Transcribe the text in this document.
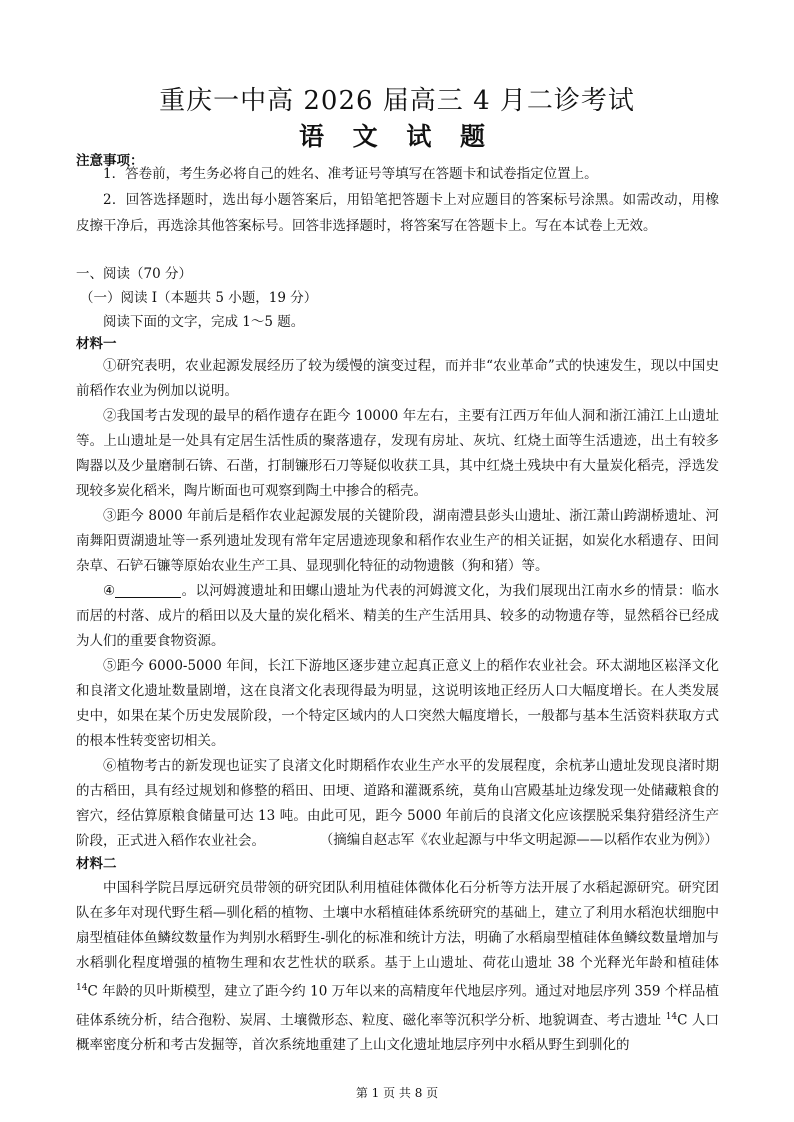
重庆一中高 2026 届高三 4 月二诊考试
语 文 试 题
注意事项：

1．答卷前，考生务必将自己的姓名、准考证号等填写在答题卡和试卷指定位置上。

2．回答选择题时，选出每小题答案后，用铅笔把答题卡上对应题目的答案标号涂黑。如需改动，用橡皮擦干净后，再选涂其他答案标号。回答非选择题时，将答案写在答题卡上。写在本试卷上无效。

一、阅读（70 分）
（一）阅读 I（本题共 5 小题，19 分）
阅读下面的文字，完成 1～5 题。
材料一

①研究表明，农业起源发展经历了较为缓慢的演变过程，而并非“农业革命”式的快速发生，现以中国史前稻作农业为例加以说明。

②我国考古发现的最早的稻作遗存在距今 10000 年左右，主要有江西万年仙人洞和浙江浦江上山遗址等。上山遗址是一处具有定居生活性质的聚落遗存，发现有房址、灰坑、红烧土面等生活遗迹，出土有较多陶器以及少量磨制石锛、石凿，打制镰形石刀等疑似收获工具，其中红烧土残块中有大量炭化稻壳，浮选发现较多炭化稻米，陶片断面也可观察到陶土中掺合的稻壳。

③距今 8000 年前后是稻作农业起源发展的关键阶段，湖南澧县彭头山遗址、浙江萧山跨湖桥遗址、河南舞阳贾湖遗址等一系列遗址发现有常年定居遗迹现象和稻作农业生产的相关证据，如炭化水稻遗存、田间杂草、石铲石镰等原始农业生产工具、显现驯化特征的动物遗骸（狗和猪）等。

④	。以河姆渡遗址和田螺山遗址为代表的河姆渡文化，为我们展现出江南水乡的情景：临水而居的村落、成片的稻田以及大量的炭化稻米、精美的生产生活用具、较多的动物遗存等，显然稻谷已经成为人们的重要食物资源。

⑤距今 6000-5000 年间，长江下游地区逐步建立起真正意义上的稻作农业社会。环太湖地区崧泽文化和良渚文化遗址数量剧增，这在良渚文化表现得最为明显，这说明该地正经历人口大幅度增长。在人类发展史中，如果在某个历史发展阶段，一个特定区域内的人口突然大幅度增长，一般都与基本生活资料获取方式的根本性转变密切相关。

⑥植物考古的新发现也证实了良渚文化时期稻作农业生产水平的发展程度，余杭茅山遗址发现良渚时期的古稻田，具有经过规划和修整的稻田、田埂、道路和灌溉系统，莫角山宫殿基址边缘发现一处储藏粮食的窖穴，经估算原粮食储量可达 13 吨。由此可见，距今 5000 年前后的良渚文化应该摆脱采集狩猎经济生产阶段，正式进入稻作农业社会。	（摘编自赵志军《农业起源与中华文明起源——以稻作农业为例》）
材料二

中国科学院吕厚远研究员带领的研究团队利用植硅体微体化石分析等方法开展了水稻起源研究。研究团队在多年对现代野生稻—驯化稻的植物、土壤中水稻植硅体系统研究的基础上，建立了利用水稻泡状细胞中扇型植硅体鱼鳞纹数量作为判别水稻野生-驯化的标准和统计方法，明确了水稻扇型植硅体鱼鳞纹数量增加与水稻驯化程度增强的植物生理和农艺性状的联系。基于上山遗址、荷花山遗址 38 个光释光年龄和植硅体 $^{14}$C 年龄的贝叶斯模型，建立了距今约 10 万年以来的高精度年代地层序列。通过对地层序列 359 个样品植硅体系统分析，结合孢粉、炭屑、土壤微形态、粒度、磁化率等沉积学分析、地貌调查、考古遗址 $^{14}$C 人口概率密度分析和考古发掘等，首次系统地重建了上山文化遗址地层序列中水稻从野生到驯化的

第 1 页 共 8 页
